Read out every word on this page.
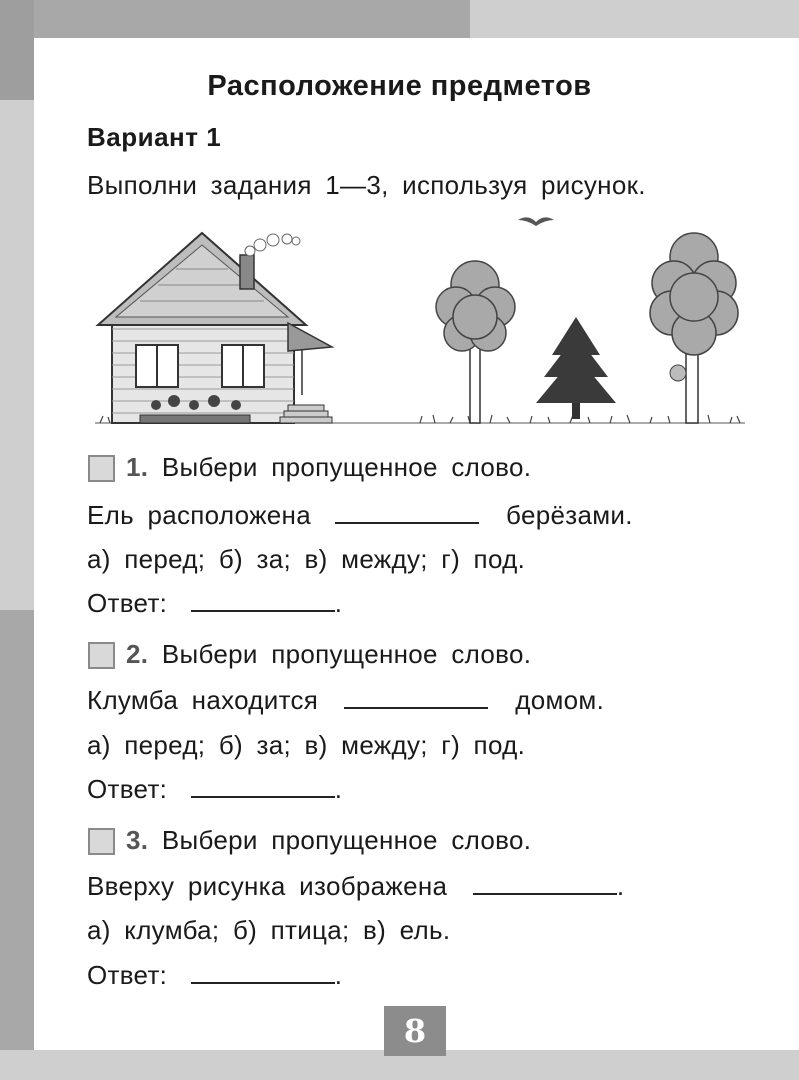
Расположение предметов
Вариант 1
Выполни задания 1—3, используя рисунок.
1. Выбери пропущенное слово.
Ель расположена	берёзами.
а) перед; б) за; в) между; г) под.
Ответ:	.
2. Выбери пропущенное слово.
Клумба находится	домом.
а) перед; б) за; в) между; г) под.
Ответ:	.
3. Выбери пропущенное слово.
Вверху рисунка изображена	.
а) клумба; б) птица; в) ель.
Ответ:	.
8
